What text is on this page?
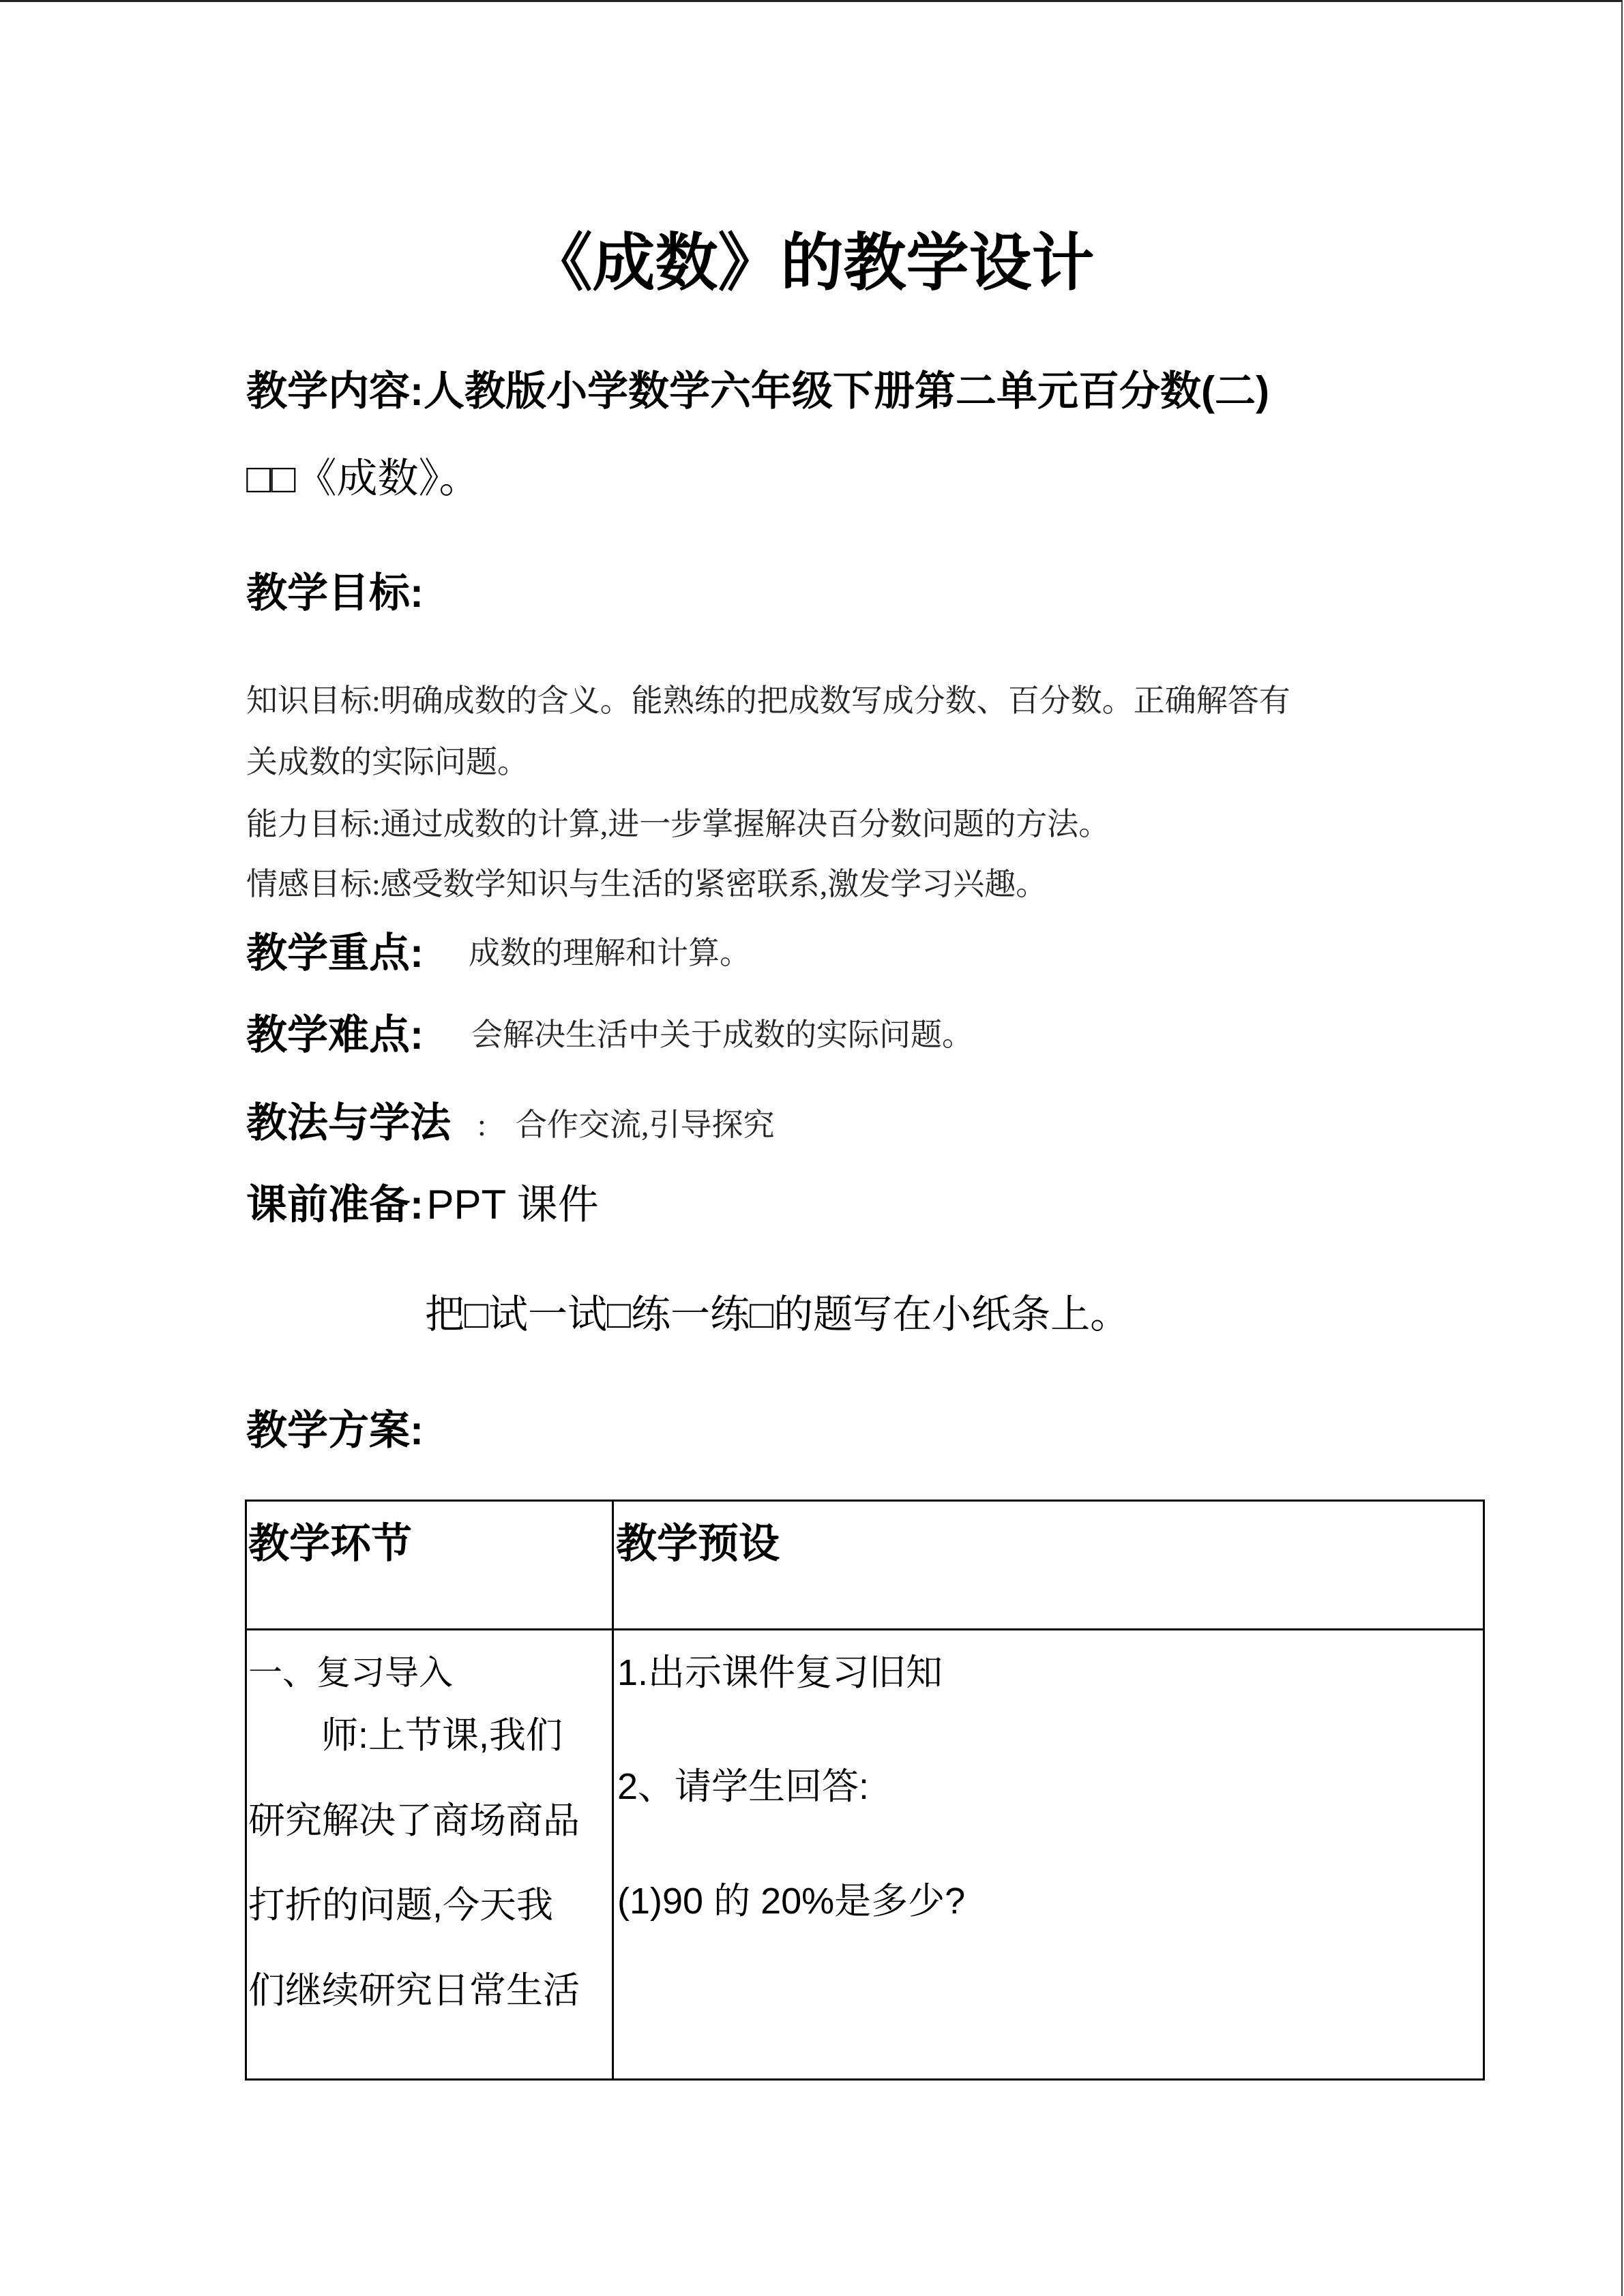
《成数》的教学设计
教学内容:人教版小学数学六年级下册第二单元百分数(二)
□□《成数》。
教学目标:
知识目标:明确成数的含义。能熟练的把成数写成分数、百分数。正确解答有
关成数的实际问题。
能力目标:通过成数的计算,进一步掌握解决百分数问题的方法。
情感目标:感受数学知识与生活的紧密联系,激发学习兴趣。
教学重点: 成数的理解和计算。
教学难点: 会解决生活中关于成数的实际问题。
教法与学法 : 合作交流,引导探究
课前准备: PPT 课件
把□试一试□练一练□的题写在小纸条上。
教学方案:
教学环节	教学预设
一、复习导入
师:上节课,我们
研究解决了商场商品
打折的问题,今天我
们继续研究日常生活
1.出示课件复习旧知
2、请学生回答:
(1)90 的 20%是多少?
